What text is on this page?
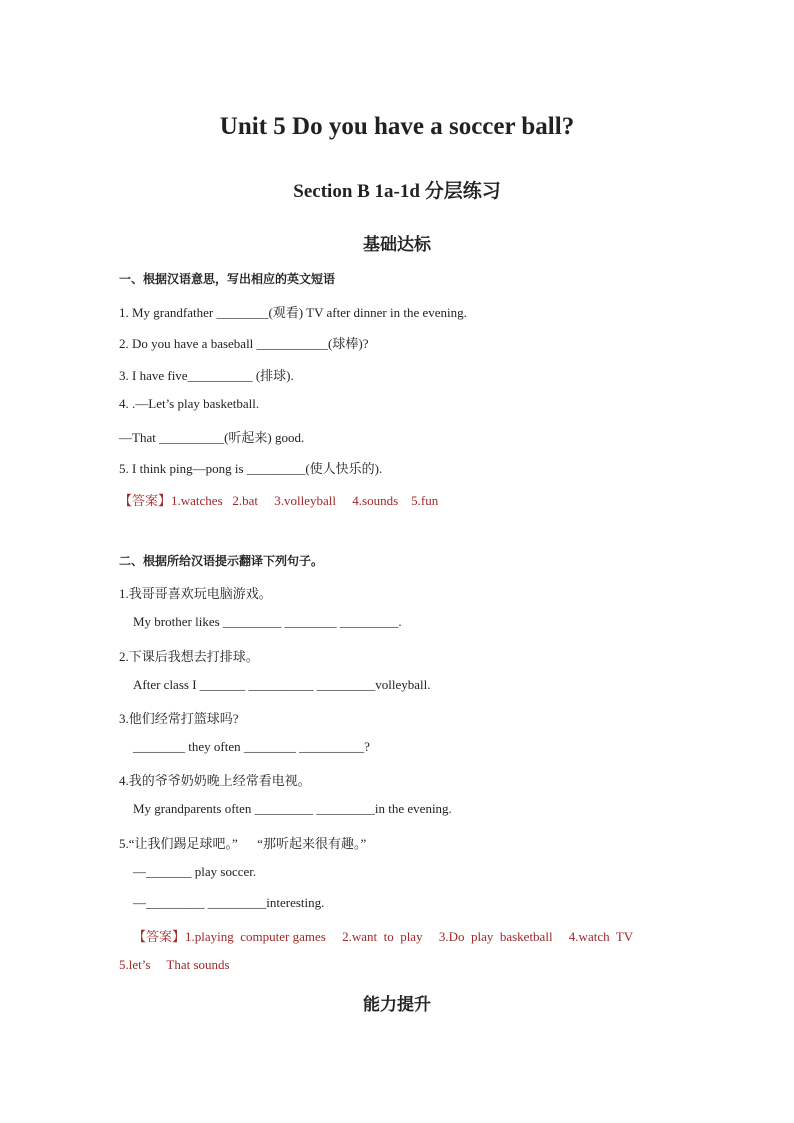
Unit 5 Do you have a soccer ball?
Section B 1a-1d 分层练习
基础达标
一、根据汉语意思，写出相应的英文短语
1. My grandfather ________(观看) TV after dinner in the evening.
2. Do you have a baseball ___________(球棒)?
3. I have five__________ (排球).
4. .—Let’s play basketball.
—That __________(听起来) good.
5. I think ping—pong is _________(使人快乐的).
【答案】1.watches   2.bat     3.volleyball     4.sounds    5.fun
二、根据所给汉语提示翻译下列句子。
1.我哥哥喜欢玩电脑游戏。
My brother likes _________ ________ _________.
2.下课后我想去打排球。
After class I _______ __________ _________volleyball.
3.他们经常打篮球吗?
________ they often ________ __________?
4.我的爷爷奶奶晚上经常看电视。
My grandparents often _________ _________in the evening.
5.“让我们踢足球吧。”      “那听起来很有趣。”
—_______ play soccer.
—_________ _________interesting.
【答案】1.playing  computer games     2.want  to  play     3.Do  play  basketball     4.watch  TV
5.let’s     That sounds
能力提升
